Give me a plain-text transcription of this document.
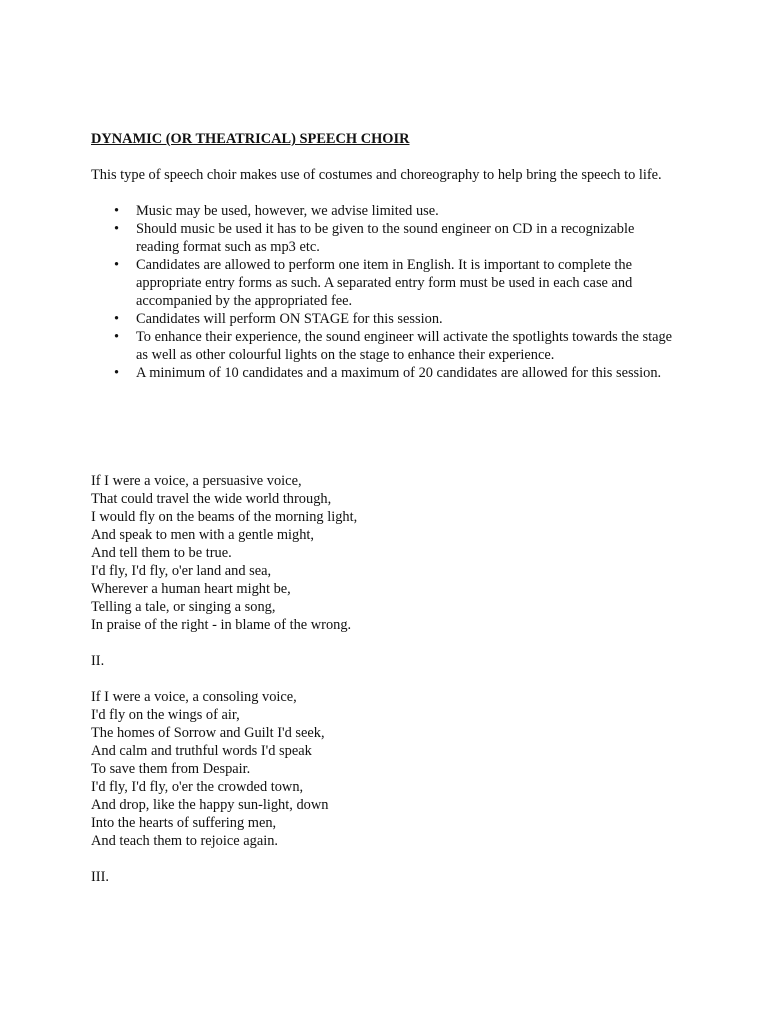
DYNAMIC (OR THEATRICAL) SPEECH CHOIR

This type of speech choir makes use of costumes and choreography to help bring the speech to life.

• Music may be used, however, we advise limited use.
• Should music be used it has to be given to the sound engineer on CD in a recognizable reading format such as mp3 etc.
• Candidates are allowed to perform one item in English. It is important to complete the appropriate entry forms as such. A separated entry form must be used in each case and accompanied by the appropriated fee.
• Candidates will perform ON STAGE for this session.
• To enhance their experience, the sound engineer will activate the spotlights towards the stage as well as other colourful lights on the stage to enhance their experience.
• A minimum of 10 candidates and a maximum of 20 candidates are allowed for this session.
If I were a voice, a persuasive voice,
That could travel the wide world through,
I would fly on the beams of the morning light,
And speak to men with a gentle might,
And tell them to be true.
I'd fly, I'd fly, o'er land and sea,
Wherever a human heart might be,
Telling a tale, or singing a song,
In praise of the right - in blame of the wrong.

II.

If I were a voice, a consoling voice,
I'd fly on the wings of air,
The homes of Sorrow and Guilt I'd seek,
And calm and truthful words I'd speak
To save them from Despair.
I'd fly, I'd fly, o'er the crowded town,
And drop, like the happy sun-light, down
Into the hearts of suffering men,
And teach them to rejoice again.

III.
